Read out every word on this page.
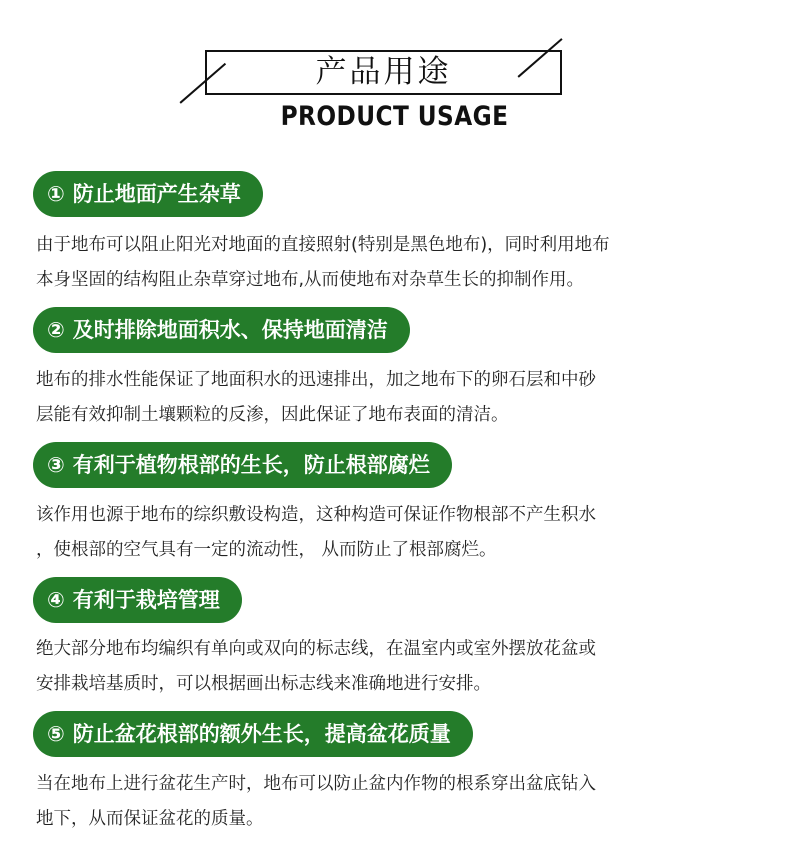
产品用途
PRODUCT USAGE
① 防止地面产生杂草
由于地布可以阻止阳光对地面的直接照射(特别是黑色地布)，同时利用地布
本身坚固的结构阻止杂草穿过地布,从而使地布对杂草生长的抑制作用。
② 及时排除地面积水、保持地面清洁
地布的排水性能保证了地面积水的迅速排出，加之地布下的卵石层和中砂
层能有效抑制土壤颗粒的反渗，因此保证了地布表面的清洁。
③ 有利于植物根部的生长，防止根部腐烂
该作用也源于地布的综织敷设构造，这种构造可保证作物根部不产生积水
，使根部的空气具有一定的流动性， 从而防止了根部腐烂。
④ 有利于栽培管理
绝大部分地布均编织有单向或双向的标志线，在温室内或室外摆放花盆或
安排栽培基质时，可以根据画出标志线来准确地进行安排。
⑤ 防止盆花根部的额外生长，提高盆花质量
当在地布上进行盆花生产时，地布可以防止盆内作物的根系穿出盆底钻入
地下，从而保证盆花的质量。
